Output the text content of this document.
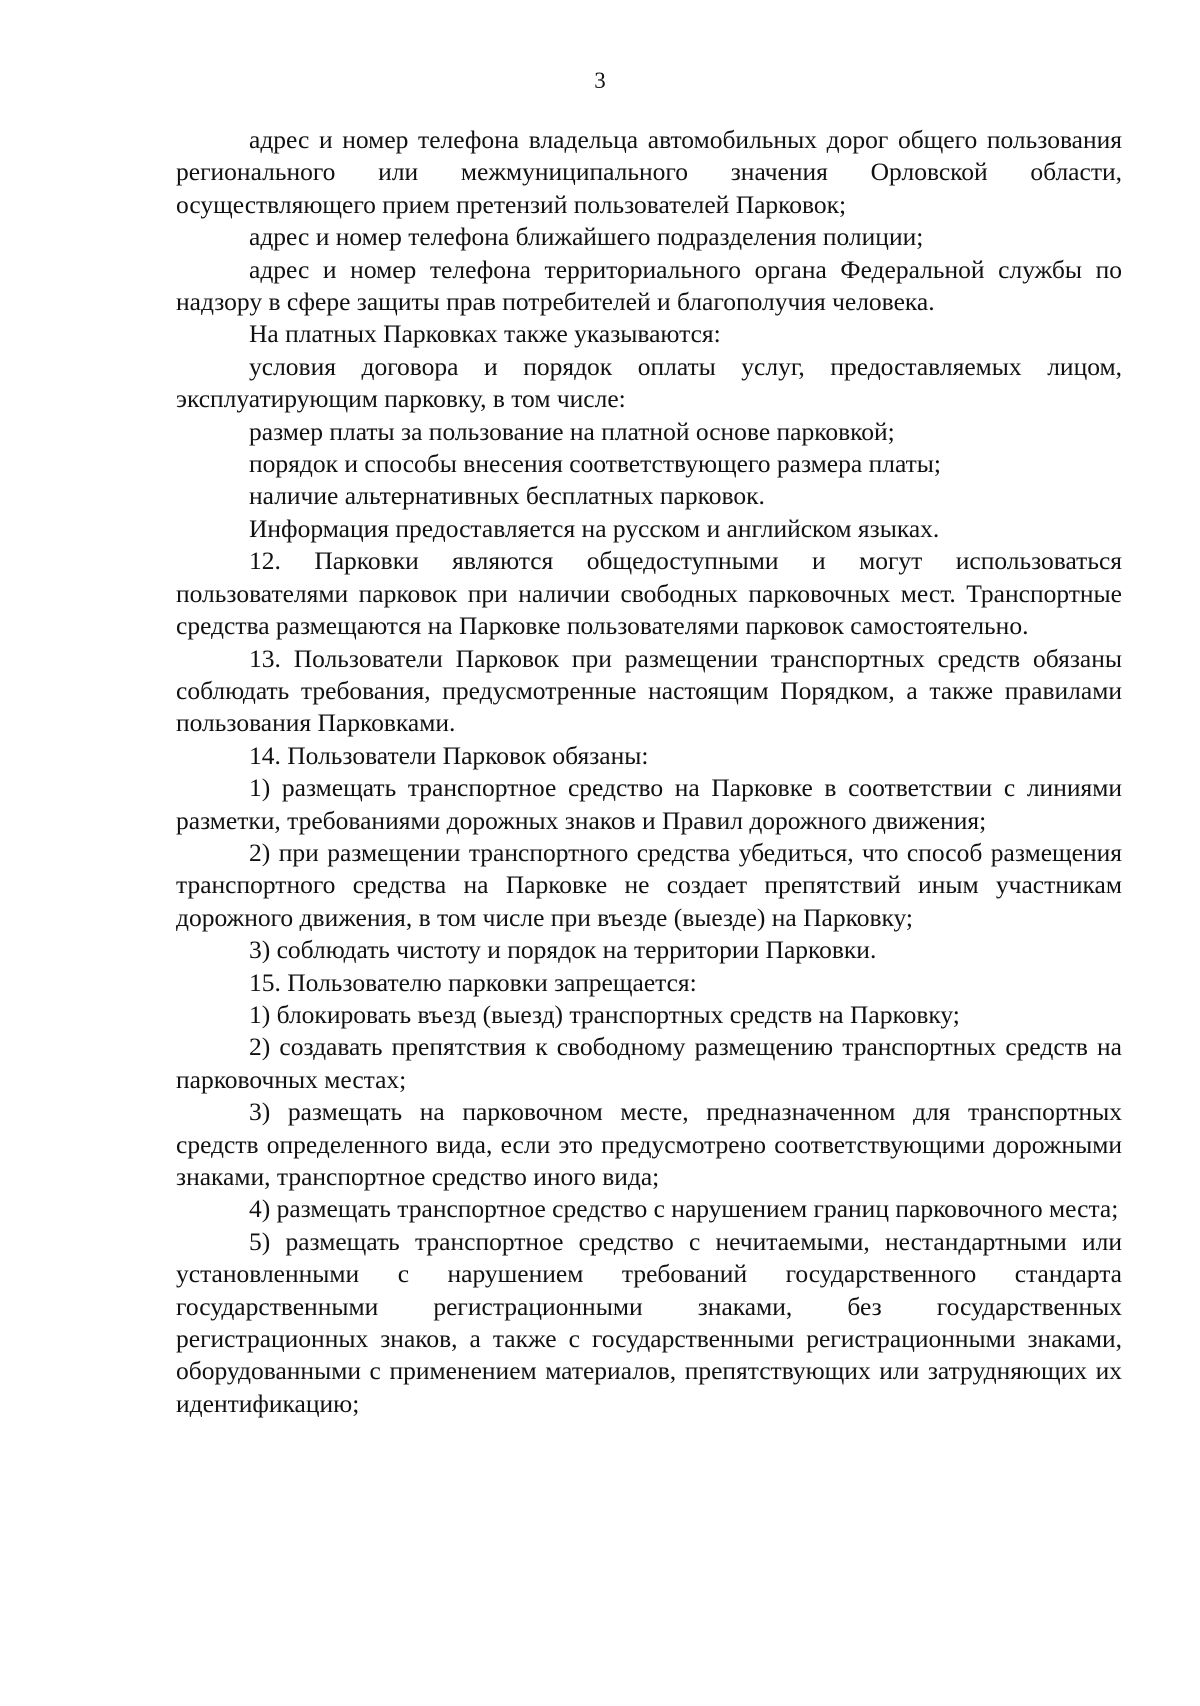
3

адрес и номер телефона владельца автомобильных дорог общего пользования регионального или межмуниципального значения Орловской области, осуществляющего прием претензий пользователей Парковок;

адрес и номер телефона ближайшего подразделения полиции;

адрес и номер телефона территориального органа Федеральной службы по надзору в сфере защиты прав потребителей и благополучия человека.

На платных Парковках также указываются:

условия договора и порядок оплаты услуг, предоставляемых лицом, эксплуатирующим парковку, в том числе:

размер платы за пользование на платной основе парковкой;

порядок и способы внесения соответствующего размера платы;

наличие альтернативных бесплатных парковок.

Информация предоставляется на русском и английском языках.

12. Парковки являются общедоступными и могут использоваться пользователями парковок при наличии свободных парковочных мест. Транспортные средства размещаются на Парковке пользователями парковок самостоятельно.

13. Пользователи Парковок при размещении транспортных средств обязаны соблюдать требования, предусмотренные настоящим Порядком, а также правилами пользования Парковками.

14. Пользователи Парковок обязаны:

1) размещать транспортное средство на Парковке в соответствии с линиями разметки, требованиями дорожных знаков и Правил дорожного движения;

2) при размещении транспортного средства убедиться, что способ размещения транспортного средства на Парковке не создает препятствий иным участникам дорожного движения, в том числе при въезде (выезде) на Парковку;

3) соблюдать чистоту и порядок на территории Парковки.

15. Пользователю парковки запрещается:

1) блокировать въезд (выезд) транспортных средств на Парковку;

2) создавать препятствия к свободному размещению транспортных средств на парковочных местах;

3) размещать на парковочном месте, предназначенном для транспортных средств определенного вида, если это предусмотрено соответствующими дорожными знаками, транспортное средство иного вида;

4) размещать транспортное средство с нарушением границ парковочного места;

5) размещать транспортное средство с нечитаемыми, нестандартными или установленными с нарушением требований государственного стандарта государственными регистрационными знаками, без государственных регистрационных знаков, а также с государственными регистрационными знаками, оборудованными с применением материалов, препятствующих или затрудняющих их идентификацию;
